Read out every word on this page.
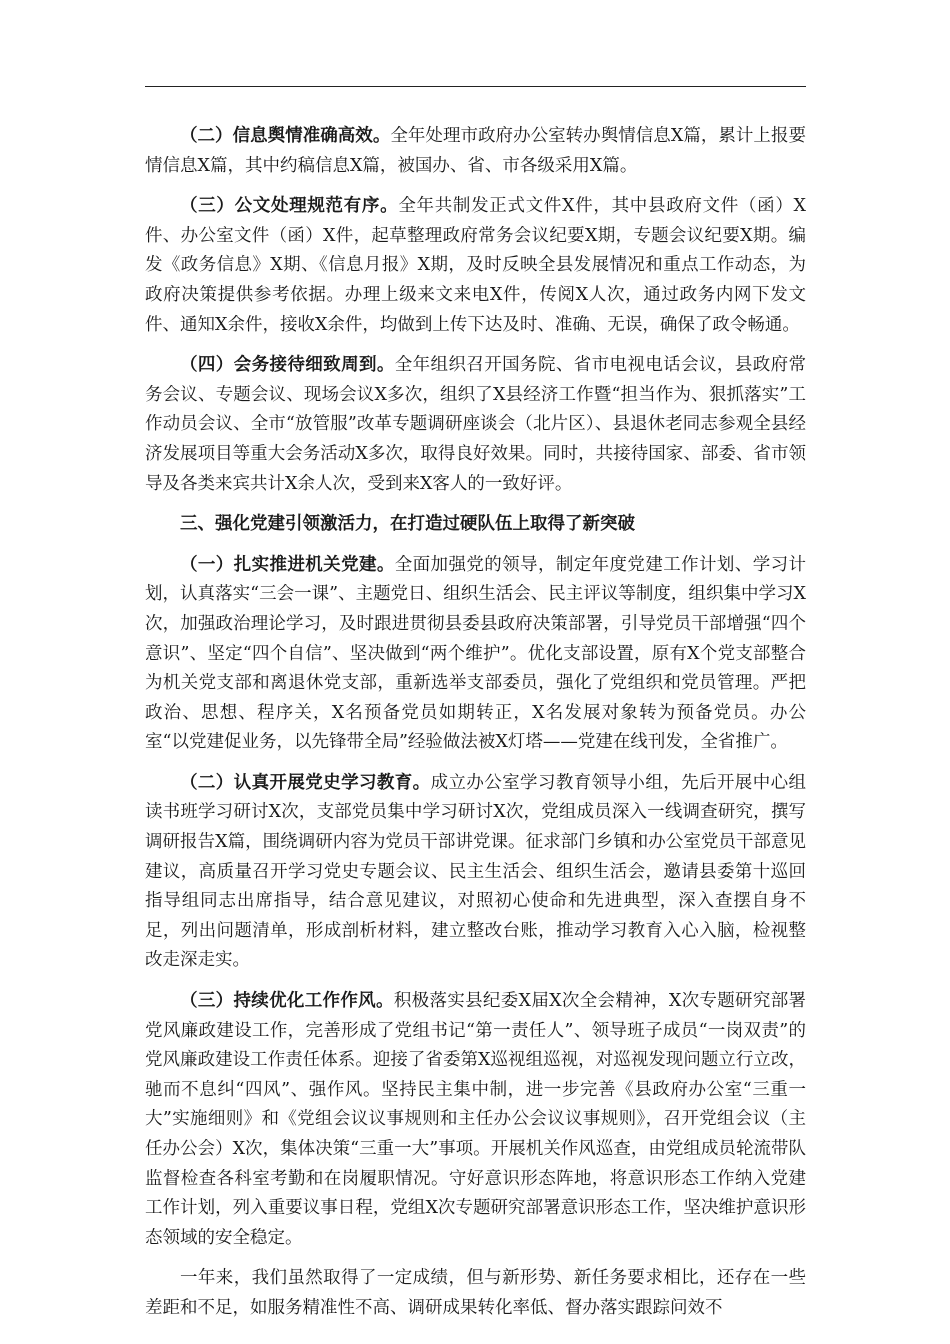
（二）信息舆情准确高效。全年处理市政府办公室转办舆情信息X篇，累计上报要情信息X篇，其中约稿信息X篇，被国办、省、市各级采用X篇。

（三）公文处理规范有序。全年共制发正式文件X件，其中县政府文件（函）X件、办公室文件（函）X件，起草整理政府常务会议纪要X期，专题会议纪要X期。编发《政务信息》X期、《信息月报》X期，及时反映全县发展情况和重点工作动态，为政府决策提供参考依据。办理上级来文来电X件，传阅X人次，通过政务内网下发文件、通知X余件，接收X余件，均做到上传下达及时、准确、无误，确保了政令畅通。

（四）会务接待细致周到。全年组织召开国务院、省市电视电话会议，县政府常务会议、专题会议、现场会议X多次，组织了X县经济工作暨“担当作为、狠抓落实”工作动员会议、全市“放管服”改革专题调研座谈会（北片区）、县退休老同志参观全县经济发展项目等重大会务活动X多次，取得良好效果。同时，共接待国家、部委、省市领导及各类来宾共计X余人次，受到来X客人的一致好评。

三、强化党建引领激活力，在打造过硬队伍上取得了新突破

（一）扎实推进机关党建。全面加强党的领导，制定年度党建工作计划、学习计划，认真落实“三会一课”、主题党日、组织生活会、民主评议等制度，组织集中学习X次，加强政治理论学习，及时跟进贯彻县委县政府决策部署，引导党员干部增强“四个意识”、坚定“四个自信”、坚决做到“两个维护”。优化支部设置，原有X个党支部整合为机关党支部和离退休党支部，重新选举支部委员，强化了党组织和党员管理。严把政治、思想、程序关，X名预备党员如期转正，X名发展对象转为预备党员。办公室“以党建促业务，以先锋带全局”经验做法被X灯塔——党建在线刊发，全省推广。

（二）认真开展党史学习教育。成立办公室学习教育领导小组，先后开展中心组读书班学习研讨X次，支部党员集中学习研讨X次，党组成员深入一线调查研究，撰写调研报告X篇，围绕调研内容为党员干部讲党课。征求部门乡镇和办公室党员干部意见建议，高质量召开学习党史专题会议、民主生活会、组织生活会，邀请县委第十巡回指导组同志出席指导，结合意见建议，对照初心使命和先进典型，深入查摆自身不足，列出问题清单，形成剖析材料，建立整改台账，推动学习教育入心入脑，检视整改走深走实。

（三）持续优化工作作风。积极落实县纪委X届X次全会精神，X次专题研究部署党风廉政建设工作，完善形成了党组书记“第一责任人”、领导班子成员“一岗双责”的党风廉政建设工作责任体系。迎接了省委第X巡视组巡视，对巡视发现问题立行立改，驰而不息纠“四风”、强作风。坚持民主集中制，进一步完善《县政府办公室“三重一大”实施细则》和《党组会议议事规则和主任办公会议议事规则》，召开党组会议（主任办公会）X次，集体决策“三重一大”事项。开展机关作风巡查，由党组成员轮流带队监督检查各科室考勤和在岗履职情况。守好意识形态阵地，将意识形态工作纳入党建工作计划，列入重要议事日程，党组X次专题研究部署意识形态工作，坚决维护意识形态领域的安全稳定。

一年来，我们虽然取得了一定成绩，但与新形势、新任务要求相比，还存在一些差距和不足，如服务精准性不高、调研成果转化率低、督办落实跟踪问效不
